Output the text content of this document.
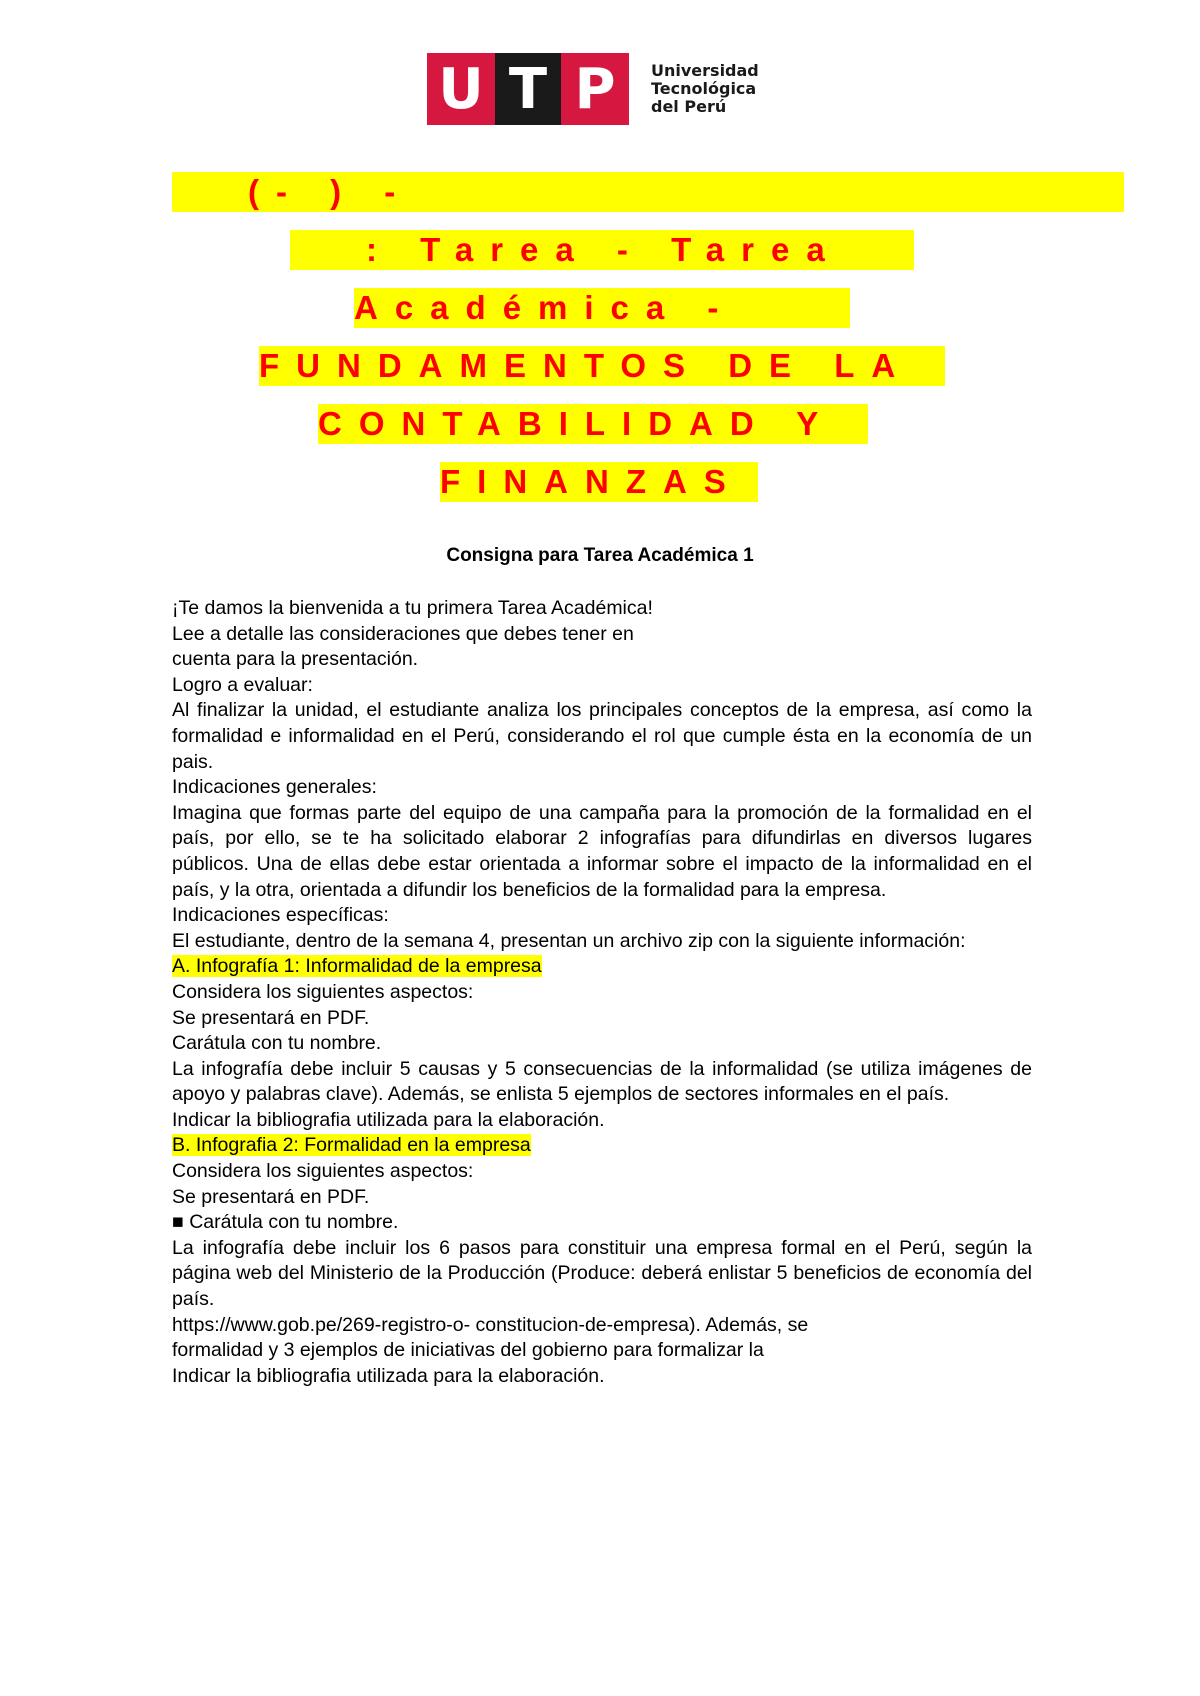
U T P	Universidad
Tecnológica
del Perú

(- ) -

: Tarea - Tarea

Académica -

FUNDAMENTOS DE LA

CONTABILIDAD Y

FINANZAS
Consigna para Tarea Académica 1

¡Te damos la bienvenida a tu primera Tarea Académica!

Lee a detalle las consideraciones que debes tener en

cuenta para la presentación.

Logro a evaluar:

Al finalizar la unidad, el estudiante analiza los principales conceptos de la empresa, así como la formalidad e informalidad en el Perú, considerando el rol que cumple ésta en la economía de un pais.

Indicaciones generales:

Imagina que formas parte del equipo de una campaña para la promoción de la formalidad en el país, por ello, se te ha solicitado elaborar 2 infografías para difundirlas en diversos lugares públicos. Una de ellas debe estar orientada a informar sobre el impacto de la informalidad en el país, y la otra, orientada a difundir los beneficios de la formalidad para la empresa.

Indicaciones específicas:

El estudiante, dentro de la semana 4, presentan un archivo zip con la siguiente información:

A. Infografía 1: Informalidad de la empresa

Considera los siguientes aspectos:

Se presentará en PDF.

Carátula con tu nombre.

La infografía debe incluir 5 causas y 5 consecuencias de la informalidad (se utiliza imágenes de apoyo y palabras clave). Además, se enlista 5 ejemplos de sectores informales en el país.

Indicar la bibliografia utilizada para la elaboración.

B. Infografia 2: Formalidad en la empresa

Considera los siguientes aspectos:

Se presentará en PDF.

■ Carátula con tu nombre.

La infografía debe incluir los 6 pasos para constituir una empresa formal en el Perú, según la página web del Ministerio de la Producción (Produce: deberá enlistar 5 beneficios de economía del país.

https://www.gob.pe/269-registro-o- constitucion-de-empresa). Además, se

formalidad y 3 ejemplos de iniciativas del gobierno para formalizar la

Indicar la bibliografia utilizada para la elaboración.
